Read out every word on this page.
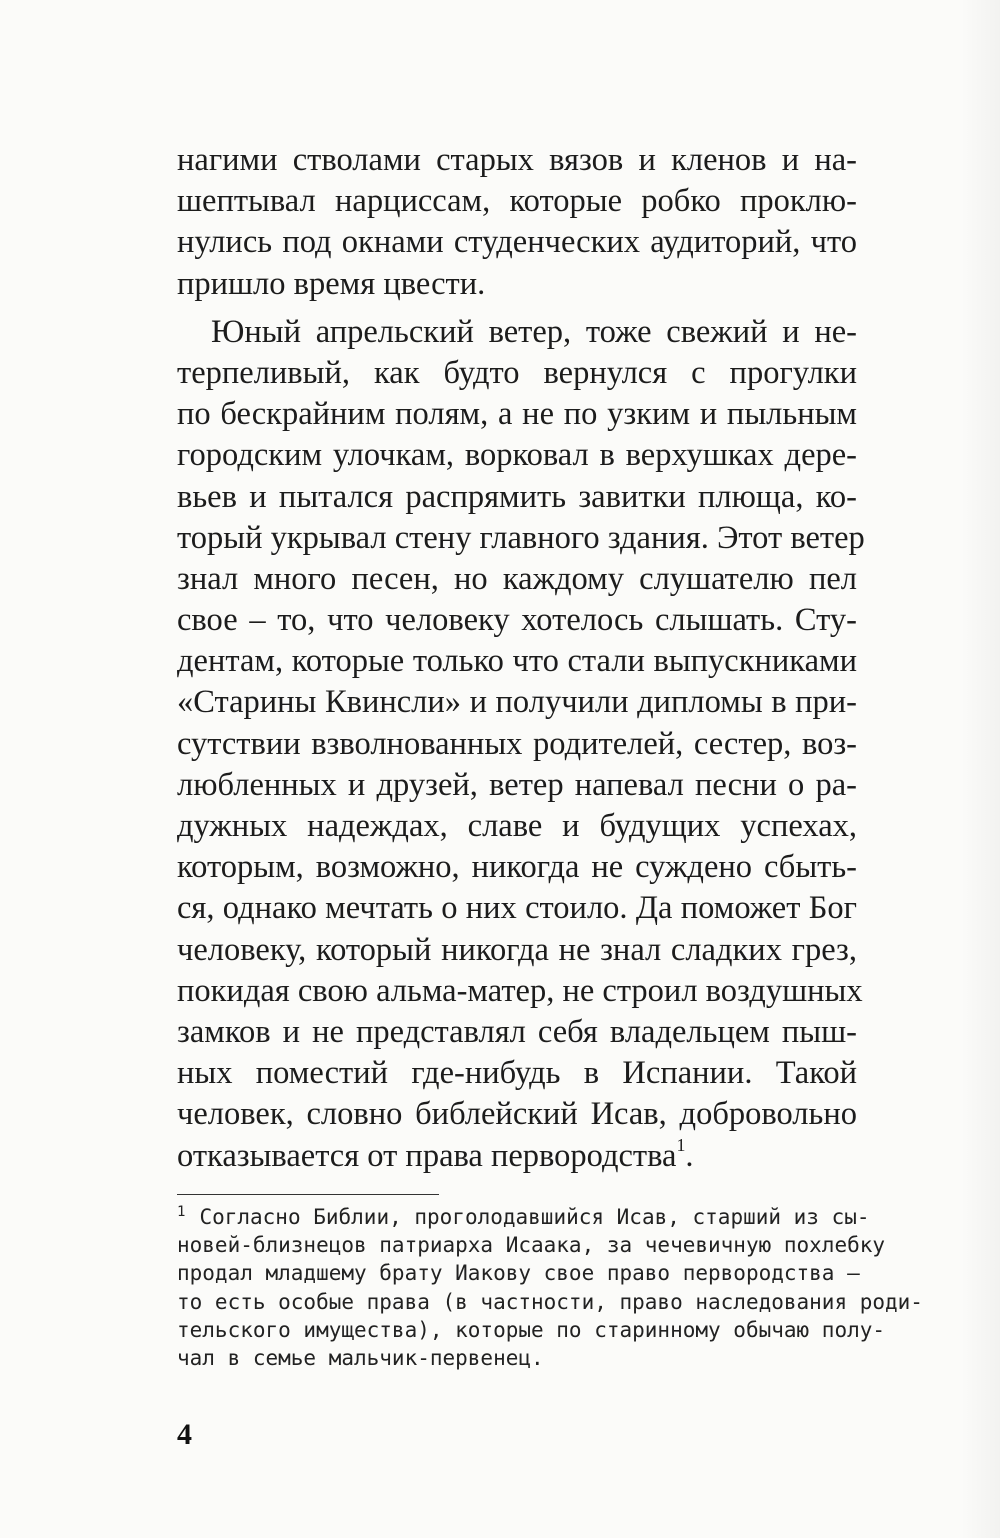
нагими стволами старых вязов и кленов и на-
шептывал нарциссам, которые робко проклю-
нулись под окнами студенческих аудиторий, что
пришло время цвести.
Юный апрельский ветер, тоже свежий и не-
терпеливый, как будто вернулся с прогулки
по бескрайним полям, а не по узким и пыльным
городским улочкам, ворковал в верхушках дере-
вьев и пытался распрямить завитки плюща, ко-
торый укрывал стену главного здания. Этот ветер
знал много песен, но каждому слушателю пел
свое – то, что человеку хотелось слышать. Сту-
дентам, которые только что стали выпускниками
«Старины Квинсли» и получили дипломы в при-
сутствии взволнованных родителей, сестер, воз-
любленных и друзей, ветер напевал песни о ра-
дужных надеждах, славе и будущих успехах,
которым, возможно, никогда не суждено сбыть-
ся, однако мечтать о них стоило. Да поможет Бог
человеку, который никогда не знал сладких грез,
покидая свою альма-матер, не строил воздушных
замков и не представлял себя владельцем пыш-
ных поместий где-нибудь в Испании. Такой
человек, словно библейский Исав, добровольно
отказывается от права первородства$^1$.
$^1$ Согласно Библии, проголодавшийся Исав, старший из сы-
новей-близнецов патриарха Исаака, за чечевичную похлебку
продал младшему брату Иакову свое право первородства –
то есть особые права (в частности, право наследования роди-
тельского имущества), которые по старинному обычаю полу-
чал в семье мальчик-первенец.
4
